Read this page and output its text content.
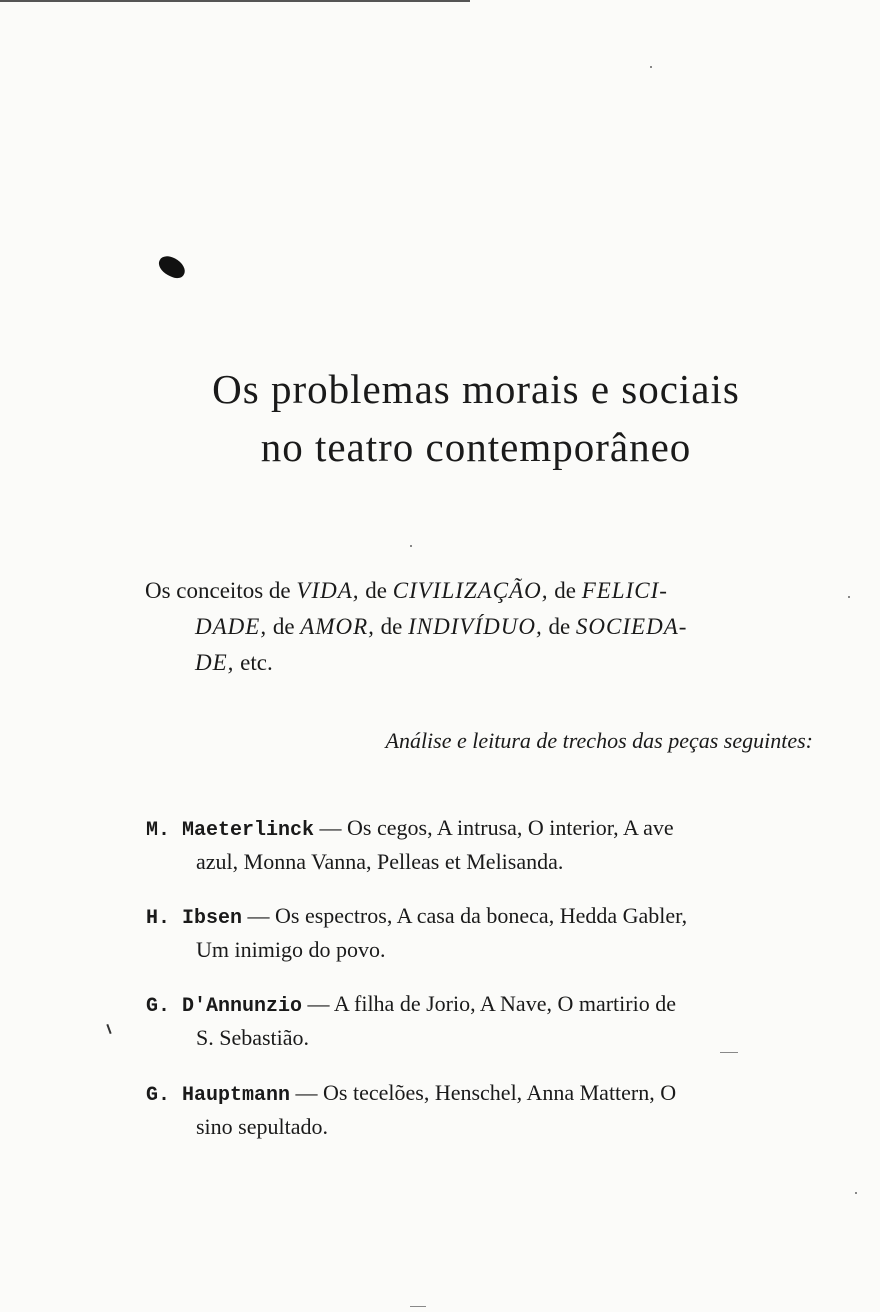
Os problemas morais e sociais
no teatro contemporâneo

Os conceitos de VIDA, de CIVILIZAÇÃO, de FELICI-
DADE, de AMOR, de INDIVÍDUO, de SOCIEDA-
DE, etc.

Análise e leitura de trechos das peças seguintes:

M. Maeterlinck — Os cegos, A intrusa, O interior, A ave
azul, Monna Vanna, Pelleas et Melisanda.

H. Ibsen — Os espectros, A casa da boneca, Hedda Gabler,
Um inimigo do povo.

G. D'Annunzio — A filha de Jorio, A Nave, O martirio de
S. Sebastião.

G. Hauptmann — Os tecelões, Henschel, Anna Mattern, O
sino sepultado.
